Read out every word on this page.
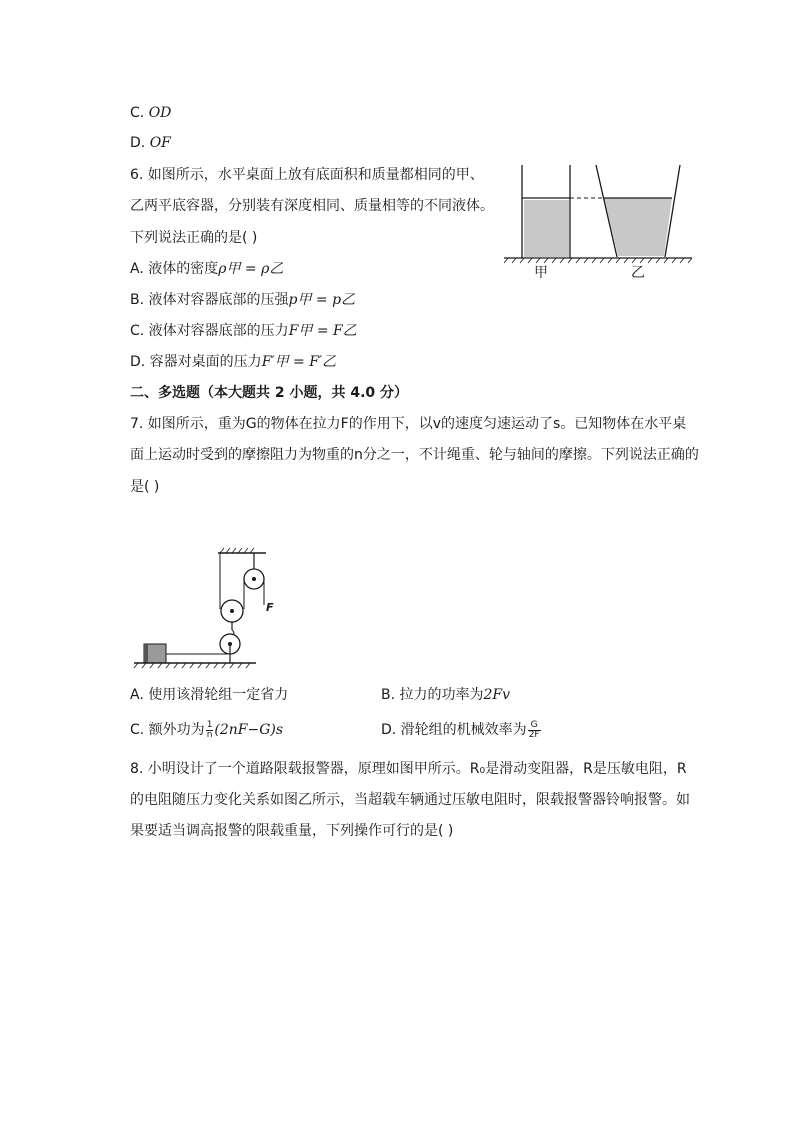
C. OD
D. OF
6. 如图所示，水平桌面上放有底面积和质量都相同的甲、
乙两平底容器，分别装有深度相同、质量相等的不同液体。
下列说法正确的是( )
A. 液体的密度ρ甲 = ρ乙
B. 液体对容器底部的压强p甲 = p乙
C. 液体对容器底部的压力F甲 = F乙
D. 容器对桌面的压力F′甲 = F′乙
甲	乙
二、多选题（本大题共 2 小题，共 4.0 分）
7. 如图所示，重为G的物体在拉力F的作用下，以v的速度匀速运动了s。已知物体在水平桌
面上运动时受到的摩擦阻力为物重的n分之一，不计绳重、轮与轴间的摩擦。下列说法正确的
是( )
F
A. 使用该滑轮组一定省力	B. 拉力的功率为2Fv
C. 额外功为 $\frac{1}{n} (2nF-G)s$	D. 滑轮组的机械效率为 $\frac{G}{2F}$
8. 小明设计了一个道路限载报警器，原理如图甲所示。R₀是滑动变阻器，R是压敏电阻，R
的电阻随压力变化关系如图乙所示，当超载车辆通过压敏电阻时，限载报警器铃响报警。如
果要适当调高报警的限载重量，下列操作可行的是( )
